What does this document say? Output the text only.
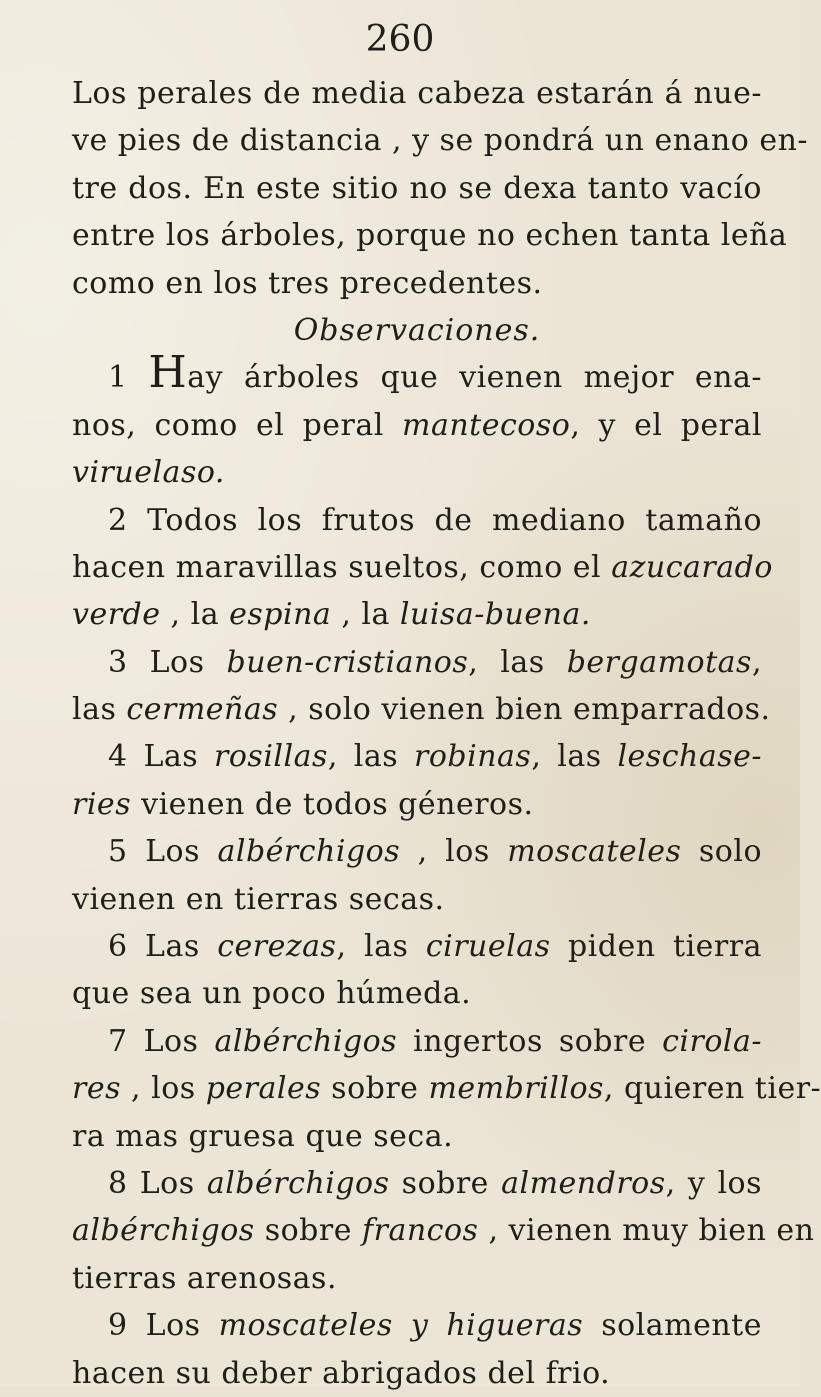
260
Los perales de media cabeza estarán á nue-
ve pies de distancia , y se pondrá un enano en-
tre dos. En este sitio no se dexa tanto vacío
entre los árboles, porque no echen tanta leña
como en los tres precedentes.
Observaciones.
1 Hay árboles que vienen mejor ena-
nos, como el peral mantecoso, y el peral
viruelaso.
2 Todos los frutos de mediano tamaño
hacen maravillas sueltos, como el azucarado
verde , la espina , la luisa-buena.
3 Los buen-cristianos, las bergamotas,
las cermeñas , solo vienen bien emparrados.
4 Las rosillas, las robinas, las leschase-
ries vienen de todos géneros.
5 Los albérchigos , los moscateles solo
vienen en tierras secas.
6 Las cerezas, las ciruelas piden tierra
que sea un poco húmeda.
7 Los albérchigos ingertos sobre cirola-
res , los perales sobre membrillos, quieren tier-
ra mas gruesa que seca.
8 Los albérchigos sobre almendros, y los
albérchigos sobre francos , vienen muy bien en
tierras arenosas.
9 Los moscateles y higueras solamente
hacen su deber abrigados del frio.
